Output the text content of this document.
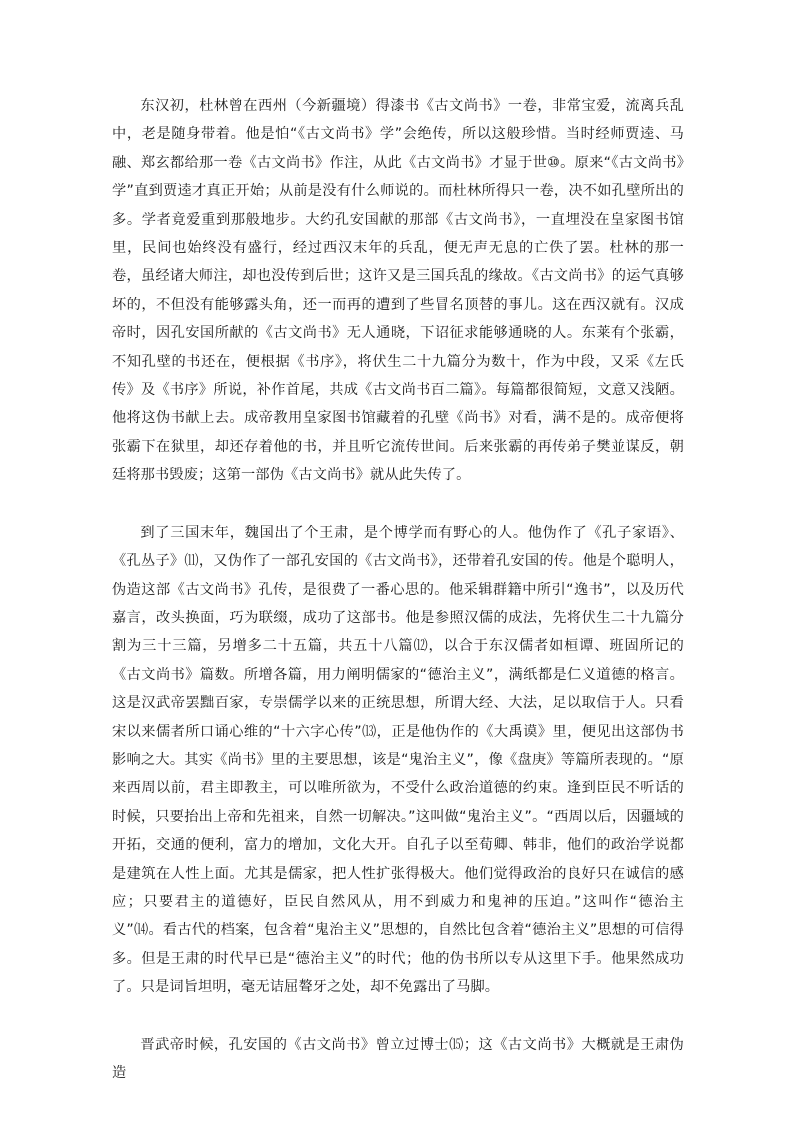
东汉初，杜林曾在西州（今新疆境）得漆书《古文尚书》一卷，非常宝爱，流离兵乱中，老是随身带着。他是怕“《古文尚书》学”会绝传，所以这般珍惜。当时经师贾逵、马融、郑玄都给那一卷《古文尚书》作注，从此《古文尚书》才显于世⑩。原来“《古文尚书》学”直到贾逵才真正开始；从前是没有什么师说的。而杜林所得只一卷，决不如孔壁所出的多。学者竟爱重到那般地步。大约孔安国献的那部《古文尚书》，一直埋没在皇家图书馆里，民间也始终没有盛行，经过西汉末年的兵乱，便无声无息的亡佚了罢。杜林的那一卷，虽经诸大师注，却也没传到后世；这许又是三国兵乱的缘故。《古文尚书》的运气真够坏的，不但没有能够露头角，还一而再的遭到了些冒名顶替的事儿。这在西汉就有。汉成帝时，因孔安国所献的《古文尚书》无人通晓，下诏征求能够通晓的人。东莱有个张霸，不知孔壁的书还在，便根据《书序》，将伏生二十九篇分为数十，作为中段，又采《左氏传》及《书序》所说，补作首尾，共成《古文尚书百二篇》。每篇都很简短，文意又浅陋。他将这伪书献上去。成帝教用皇家图书馆藏着的孔壁《尚书》对看，满不是的。成帝便将张霸下在狱里，却还存着他的书，并且听它流传世间。后来张霸的再传弟子樊並谋反，朝廷将那书毁废；这第一部伪《古文尚书》就从此失传了。

到了三国末年，魏国出了个王肃，是个博学而有野心的人。他伪作了《孔子家语》、《孔丛子》⑾，又伪作了一部孔安国的《古文尚书》，还带着孔安国的传。他是个聪明人，伪造这部《古文尚书》孔传，是很费了一番心思的。他采辑群籍中所引“逸书”，以及历代嘉言，改头换面，巧为联缀，成功了这部书。他是参照汉儒的成法，先将伏生二十九篇分割为三十三篇，另增多二十五篇，共五十八篇⑿，以合于东汉儒者如桓谭、班固所记的《古文尚书》篇数。所增各篇，用力阐明儒家的“德治主义”，满纸都是仁义道德的格言。这是汉武帝罢黜百家，专崇儒学以来的正统思想，所谓大经、大法，足以取信于人。只看宋以来儒者所口诵心维的“十六字心传”⒀，正是他伪作的《大禹谟》里，便见出这部伪书影响之大。其实《尚书》里的主要思想，该是“鬼治主义”，像《盘庚》等篇所表现的。“原来西周以前，君主即教主，可以唯所欲为，不受什么政治道德的约束。逢到臣民不听话的时候，只要抬出上帝和先祖来，自然一切解决。”这叫做“鬼治主义”。“西周以后，因疆域的开拓，交通的便利，富力的增加，文化大开。自孔子以至荀卿、韩非，他们的政治学说都是建筑在人性上面。尤其是儒家，把人性扩张得极大。他们觉得政治的良好只在诚信的感应；只要君主的道德好，臣民自然风从，用不到威力和鬼神的压迫。”这叫作“德治主义”⒁。看古代的档案，包含着“鬼治主义”思想的，自然比包含着“德治主义”思想的可信得多。但是王肃的时代早已是“德治主义”的时代；他的伪书所以专从这里下手。他果然成功了。只是词旨坦明，毫无诘屈聱牙之处，却不免露出了马脚。

晋武帝时候，孔安国的《古文尚书》曾立过博士⒂；这《古文尚书》大概就是王肃伪造
